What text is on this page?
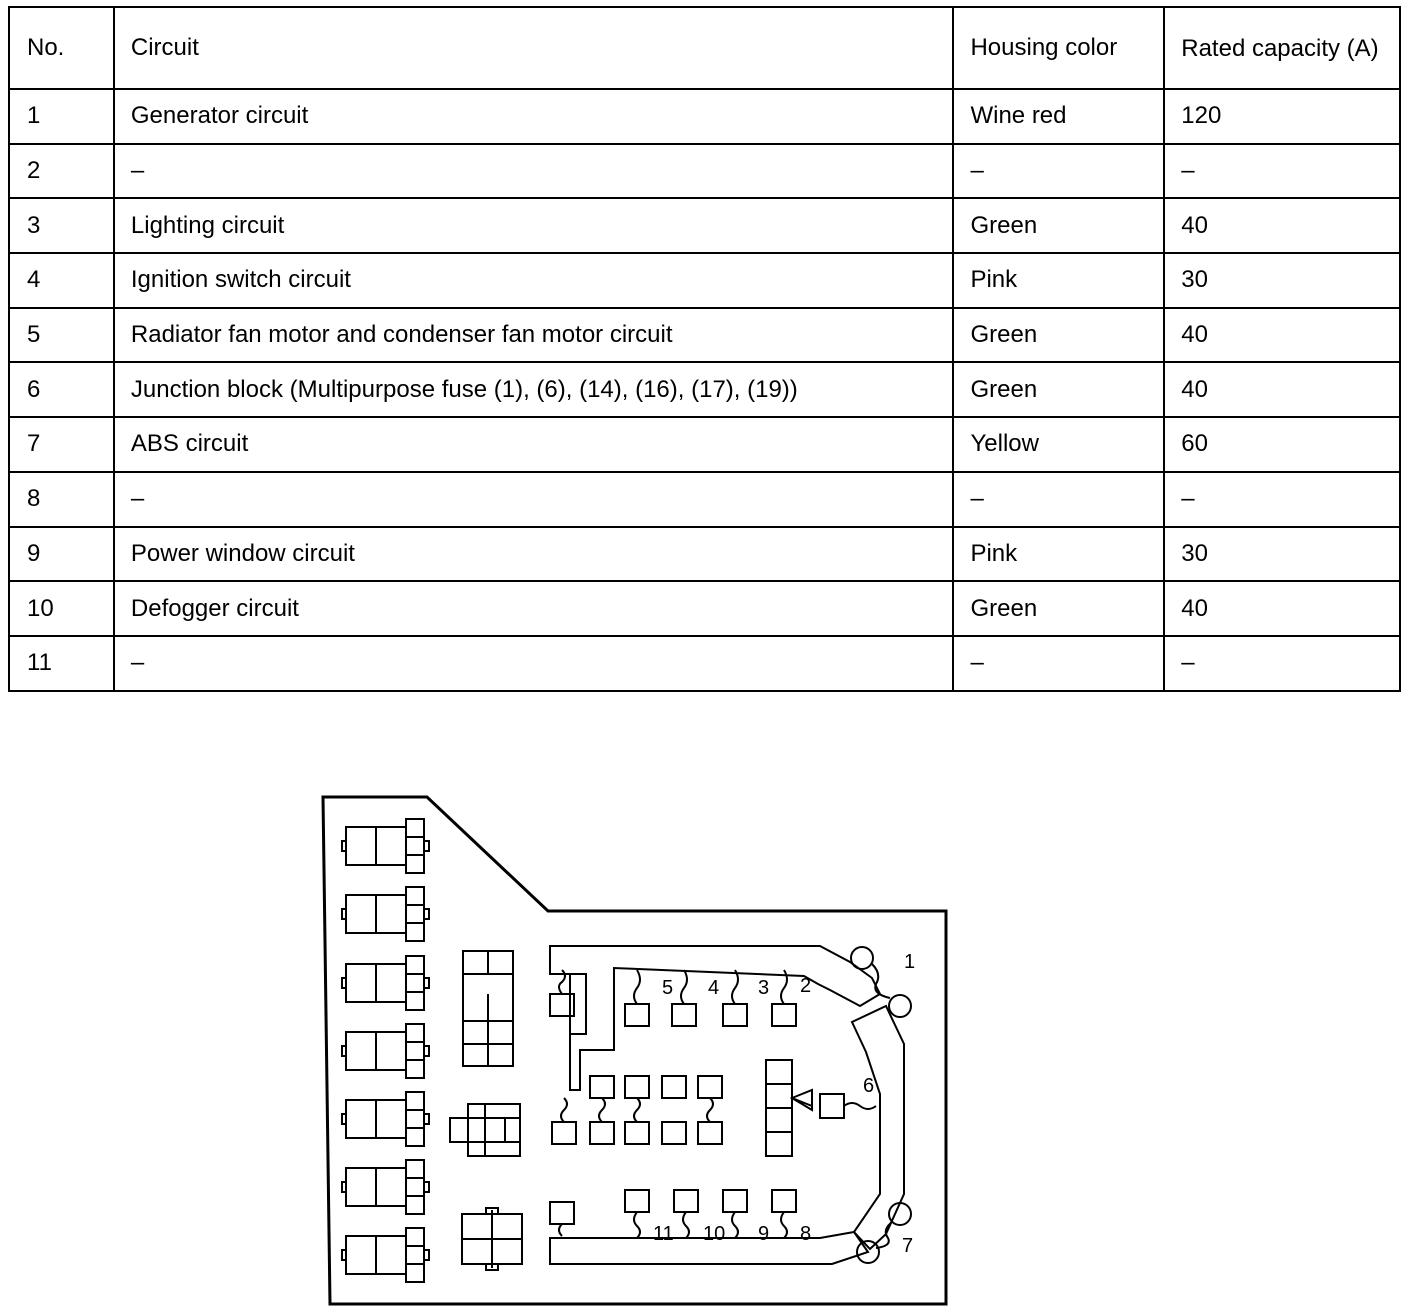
No.	Circuit	Housing color	Rated capacity (A)
1	Generator circuit	Wine red	120
2	–	–	–
3	Lighting circuit	Green	40
4	Ignition switch circuit	Pink	30
5	Radiator fan motor and condenser fan motor circuit	Green	40
6	Junction block (Multipurpose fuse (1), (6), (14), (16), (17), (19))	Green	40
7	ABS circuit	Yellow	60
8	–	–	–
9	Power window circuit	Pink	30
10	Defogger circuit	Green	40
11	–	–	–
1
2
3
4
5
6
7
8
9
10
11
